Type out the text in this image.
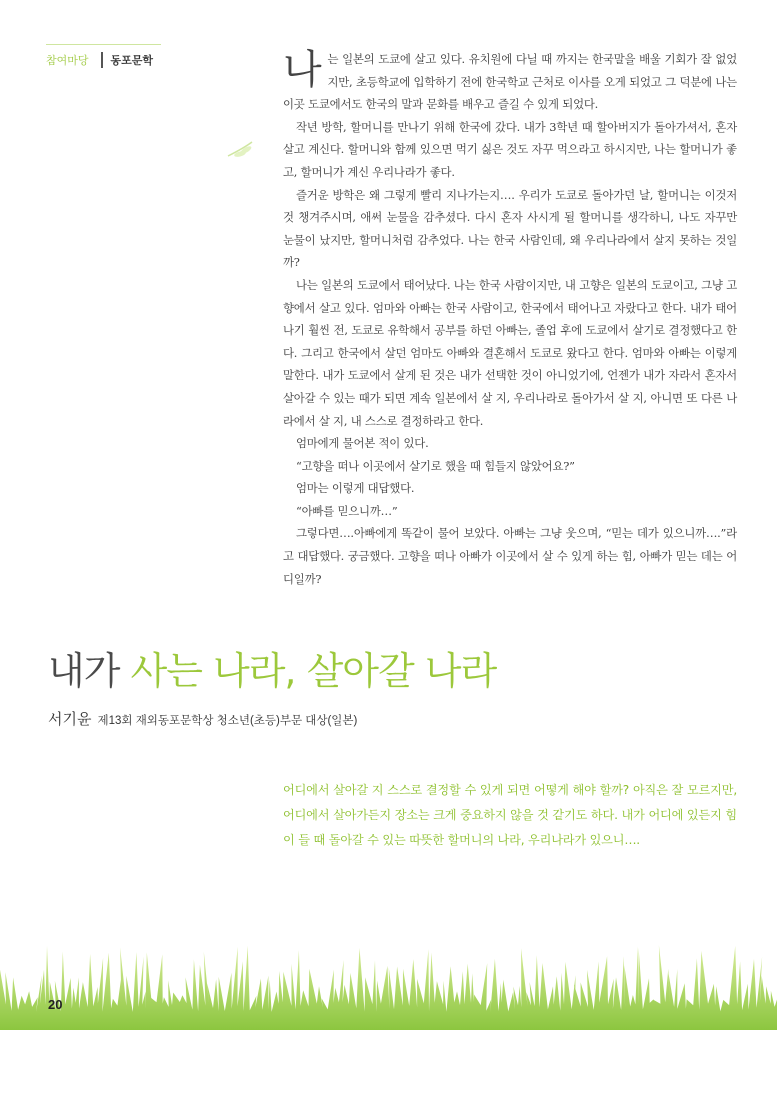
참여마당 동포문학	나는 일본의 도쿄에 살고 있다. 유치원에 다닐 때 까지는 한국말을 배울 기회가 잘 없었지만, 초등학교에 입학하기 전에 한국학교 근처로 이사를 오게 되었고 그 덕분에 나는 이곳 도쿄에서도 한국의 말과 문화를 배우고 즐길 수 있게 되었다.

작년 방학, 할머니를 만나기 위해 한국에 갔다. 내가 3학년 때 할아버지가 돌아가셔서, 혼자 살고 계신다. 할머니와 함께 있으면 먹기 싫은 것도 자꾸 먹으라고 하시지만, 나는 할머니가 좋고, 할머니가 계신 우리나라가 좋다.

즐거운 방학은 왜 그렇게 빨리 지나가는지…. 우리가 도쿄로 돌아가던 날, 할머니는 이것저것 챙겨주시며, 애써 눈물을 감추셨다. 다시 혼자 사시게 될 할머니를 생각하니, 나도 자꾸만 눈물이 났지만, 할머니처럼 감추었다. 나는 한국 사람인데, 왜 우리나라에서 살지 못하는 것일까?

나는 일본의 도쿄에서 태어났다. 나는 한국 사람이지만, 내 고향은 일본의 도쿄이고, 그냥 고향에서 살고 있다. 엄마와 아빠는 한국 사람이고, 한국에서 태어나고 자랐다고 한다. 내가 태어나기 훨씬 전, 도쿄로 유학해서 공부를 하던 아빠는, 졸업 후에 도쿄에서 살기로 결정했다고 한다. 그리고 한국에서 살던 엄마도 아빠와 결혼해서 도쿄로 왔다고 한다. 엄마와 아빠는 이렇게 말한다. 내가 도쿄에서 살게 된 것은 내가 선택한 것이 아니었기에, 언젠가 내가 자라서 혼자서 살아갈 수 있는 때가 되면 계속 일본에서 살 지, 우리나라로 돌아가서 살 지, 아니면 또 다른 나라에서 살 지, 내 스스로 결정하라고 한다.

엄마에게 물어본 적이 있다.

“고향을 떠나 이곳에서 살기로 했을 때 힘들지 않았어요?”

엄마는 이렇게 대답했다.

“아빠를 믿으니까…”

그렇다면….아빠에게 똑같이 물어 보았다. 아빠는 그냥 웃으며, “믿는 데가 있으니까….”라고 대답했다. 궁금했다. 고향을 떠나 아빠가 이곳에서 살 수 있게 하는 힘, 아빠가 믿는 데는 어디일까?

내가 사는 나라, 살아갈 나라
서기윤 제13회 재외동포문학상 청소년(초등)부문 대상(일본)

어디에서 살아갈 지 스스로 결정할 수 있게 되면 어떻게 해야 할까? 아직은 잘 모르지만, 어디에서 살아가든지 장소는 크게 중요하지 않을 것 같기도 하다. 내가 어디에 있든지 힘이 들 때 돌아갈 수 있는 따뜻한 할머니의 나라, 우리나라가 있으니….

20
